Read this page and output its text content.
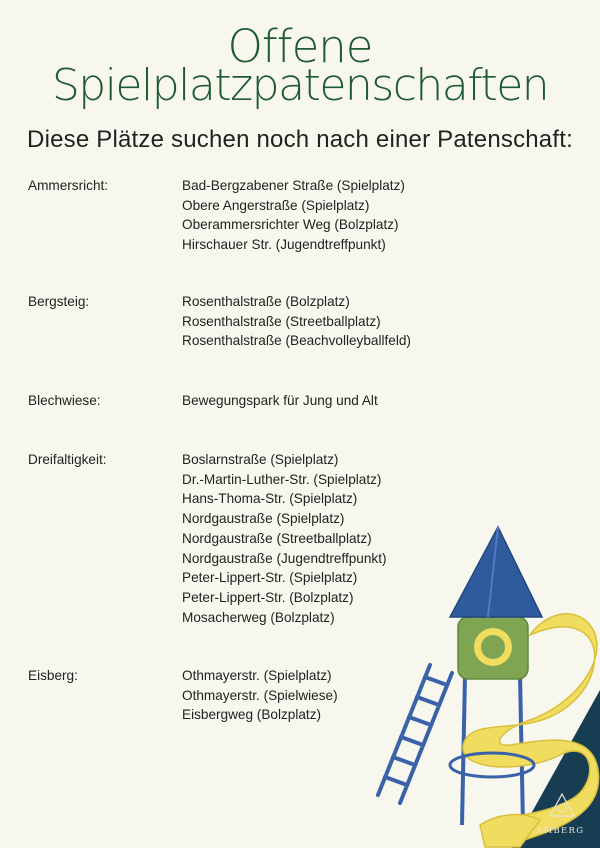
Offene
Spielplatzpatenschaften
Diese Plätze suchen noch nach einer Patenschaft:
Ammersricht:	Bad-Bergzabener Straße (Spielplatz)
Obere Angerstraße (Spielplatz)
Oberammersrichter Weg (Bolzplatz)
Hirschauer Str. (Jugendtreffpunkt)
Bergsteig:	Rosenthalstraße (Bolzplatz)
Rosenthalstraße (Streetballplatz)
Rosenthalstraße (Beachvolleyballfeld)
Blechwiese:	Bewegungspark für Jung und Alt
Dreifaltigkeit:	Boslarnstraße (Spielplatz)
Dr.-Martin-Luther-Str. (Spielplatz)
Hans-Thoma-Str. (Spielplatz)
Nordgaustraße (Spielplatz)
Nordgaustraße (Streetballplatz)
Nordgaustraße (Jugendtreffpunkt)
Peter-Lippert-Str. (Spielplatz)
Peter-Lippert-Str. (Bolzplatz)
Mosacherweg (Bolzplatz)
Eisberg:	Othmayerstr. (Spielplatz)
Othmayerstr. (Spielwiese)
Eisbergweg (Bolzplatz)
AMBERG
